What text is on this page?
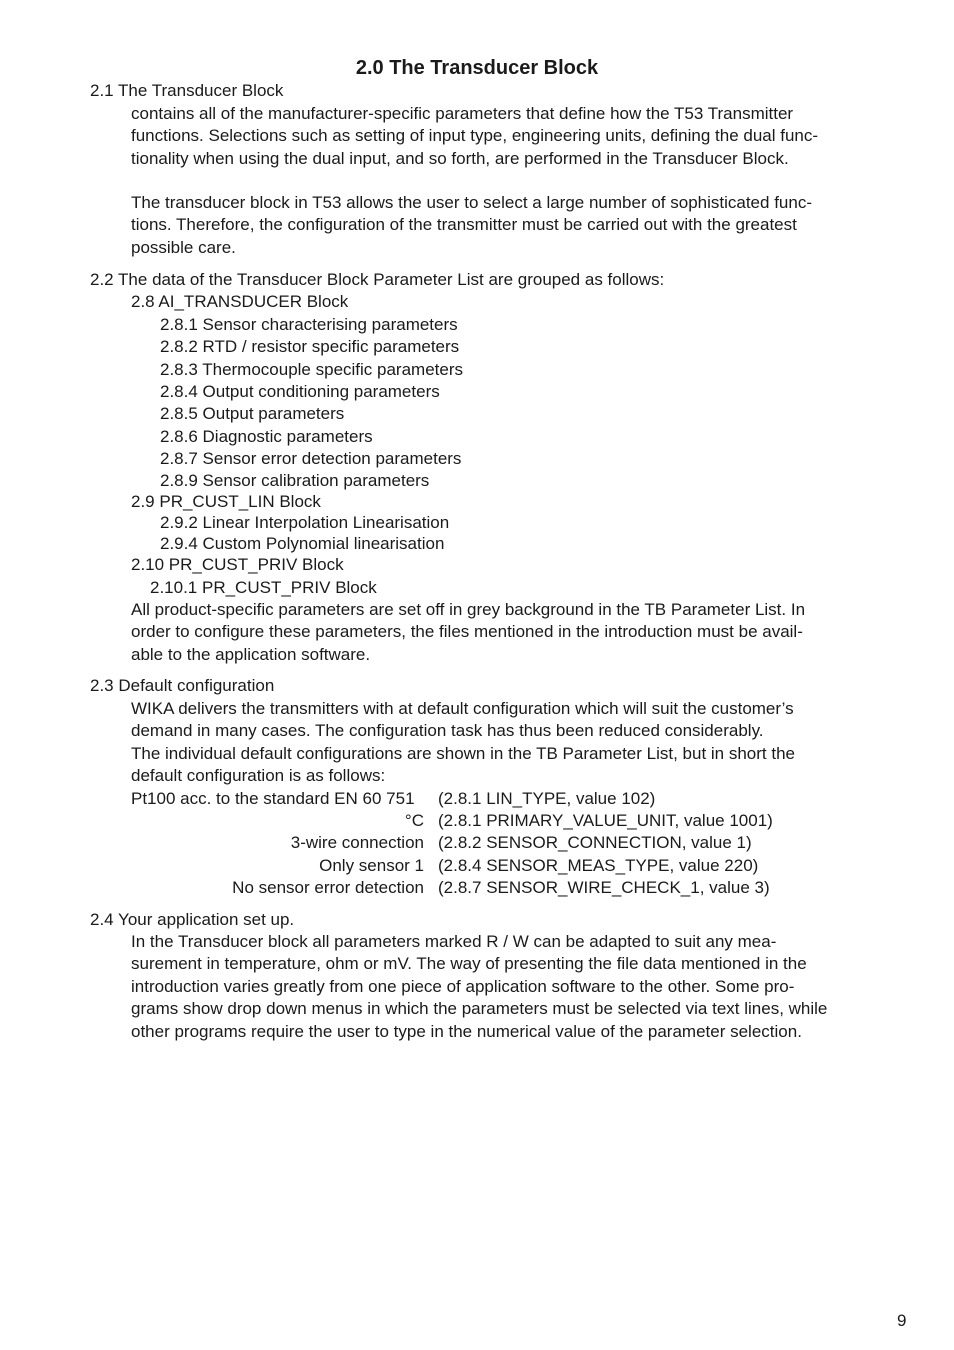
2.0 The Transducer Block
2.1 The Transducer Block
contains all of the manufacturer-specific parameters that define how the T53 Transmitter
functions. Selections such as setting of input type, engineering units, defining the dual func-
tionality when using the dual input, and so forth, are performed in the Transducer Block.
The transducer block in T53 allows the user to select a large number of sophisticated func-
tions. Therefore, the configuration of the transmitter must be carried out with the greatest
possible care.
2.2 The data of the Transducer Block Parameter List are grouped as follows:
2.8 AI_TRANSDUCER Block
2.8.1 Sensor characterising parameters
2.8.2 RTD / resistor specific parameters
2.8.3 Thermocouple specific parameters
2.8.4 Output conditioning parameters
2.8.5 Output parameters
2.8.6 Diagnostic parameters
2.8.7 Sensor error detection parameters
2.8.9 Sensor calibration parameters
2.9 PR_CUST_LIN Block
2.9.2 Linear Interpolation Linearisation
2.9.4 Custom Polynomial linearisation
2.10 PR_CUST_PRIV Block
2.10.1 PR_CUST_PRIV Block
All product-specific parameters are set off in grey background in the TB Parameter List. In
order to configure these parameters, the files mentioned in the introduction must be avail-
able to the application software.
2.3 Default configuration
WIKA delivers the transmitters with at default configuration which will suit the customer’s
demand in many cases. The configuration task has thus been reduced considerably.
The individual default configurations are shown in the TB Parameter List, but in short the
default configuration is as follows:
Pt100 acc. to the standard EN 60 751	(2.8.1 LIN_TYPE, value 102)
°C (2.8.1 PRIMARY_VALUE_UNIT, value 1001)
3-wire connection (2.8.2 SENSOR_CONNECTION, value 1)
Only sensor 1 (2.8.4 SENSOR_MEAS_TYPE, value 220)
No sensor error detection (2.8.7 SENSOR_WIRE_CHECK_1, value 3)
2.4 Your application set up.
In the Transducer block all parameters marked R / W can be adapted to suit any mea-
surement in temperature, ohm or mV. The way of presenting the file data mentioned in the
introduction varies greatly from one piece of application software to the other. Some pro-
grams show drop down menus in which the parameters must be selected via text lines, while
other programs require the user to type in the numerical value of the parameter selection.
9
